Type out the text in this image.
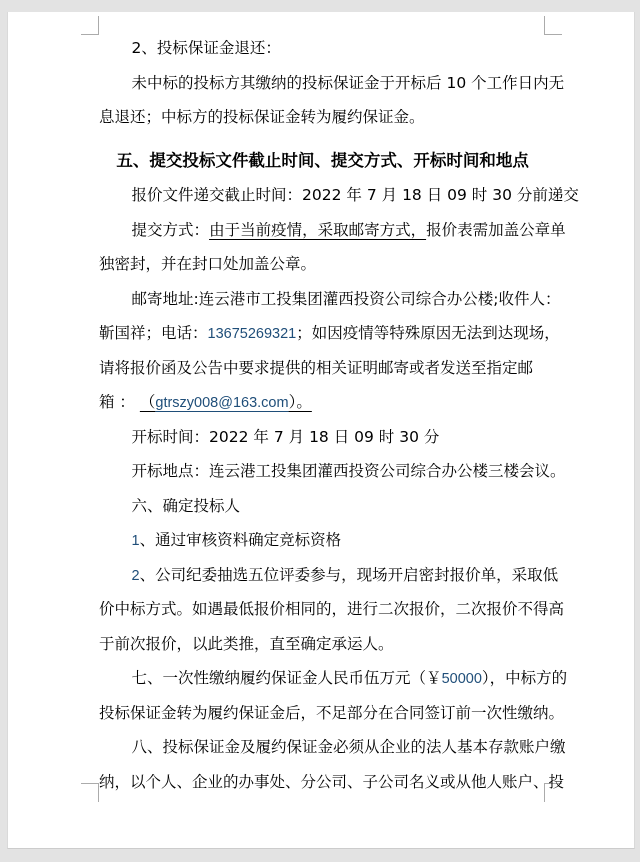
2、投标保证金退还：
未中标的投标方其缴纳的投标保证金于开标后 10 个工作日内无
息退还；中标方的投标保证金转为履约保证金。
五、提交投标文件截止时间、提交方式、开标时间和地点
报价文件递交截止时间：2022 年 7 月 18 日 09 时 30 分前递交
提交方式：由于当前疫情，采取邮寄方式，报价表需加盖公章单
独密封，并在封口处加盖公章。
邮寄地址:连云港市工投集团灌西投资公司综合办公楼;收件人：
靳国祥；电话：13675269321；如因疫情等特殊原因无法到达现场，
请将报价函及公告中要求提供的相关证明邮寄或者发送至指定邮
箱 ： （gtrszy008@163.com）。
开标时间：2022 年 7 月 18 日 09 时 30 分
开标地点：连云港工投集团灌西投资公司综合办公楼三楼会议。
六、确定投标人
1、通过审核资料确定竞标资格
2、公司纪委抽选五位评委参与，现场开启密封报价单，采取低
价中标方式。如遇最低报价相同的，进行二次报价，二次报价不得高
于前次报价，以此类推，直至确定承运人。
七、一次性缴纳履约保证金人民币伍万元（￥50000），中标方的
投标保证金转为履约保证金后，不足部分在合同签订前一次性缴纳。
八、投标保证金及履约保证金必须从企业的法人基本存款账户缴
纳，以个人、企业的办事处、分公司、子公司名义或从他人账户、投
